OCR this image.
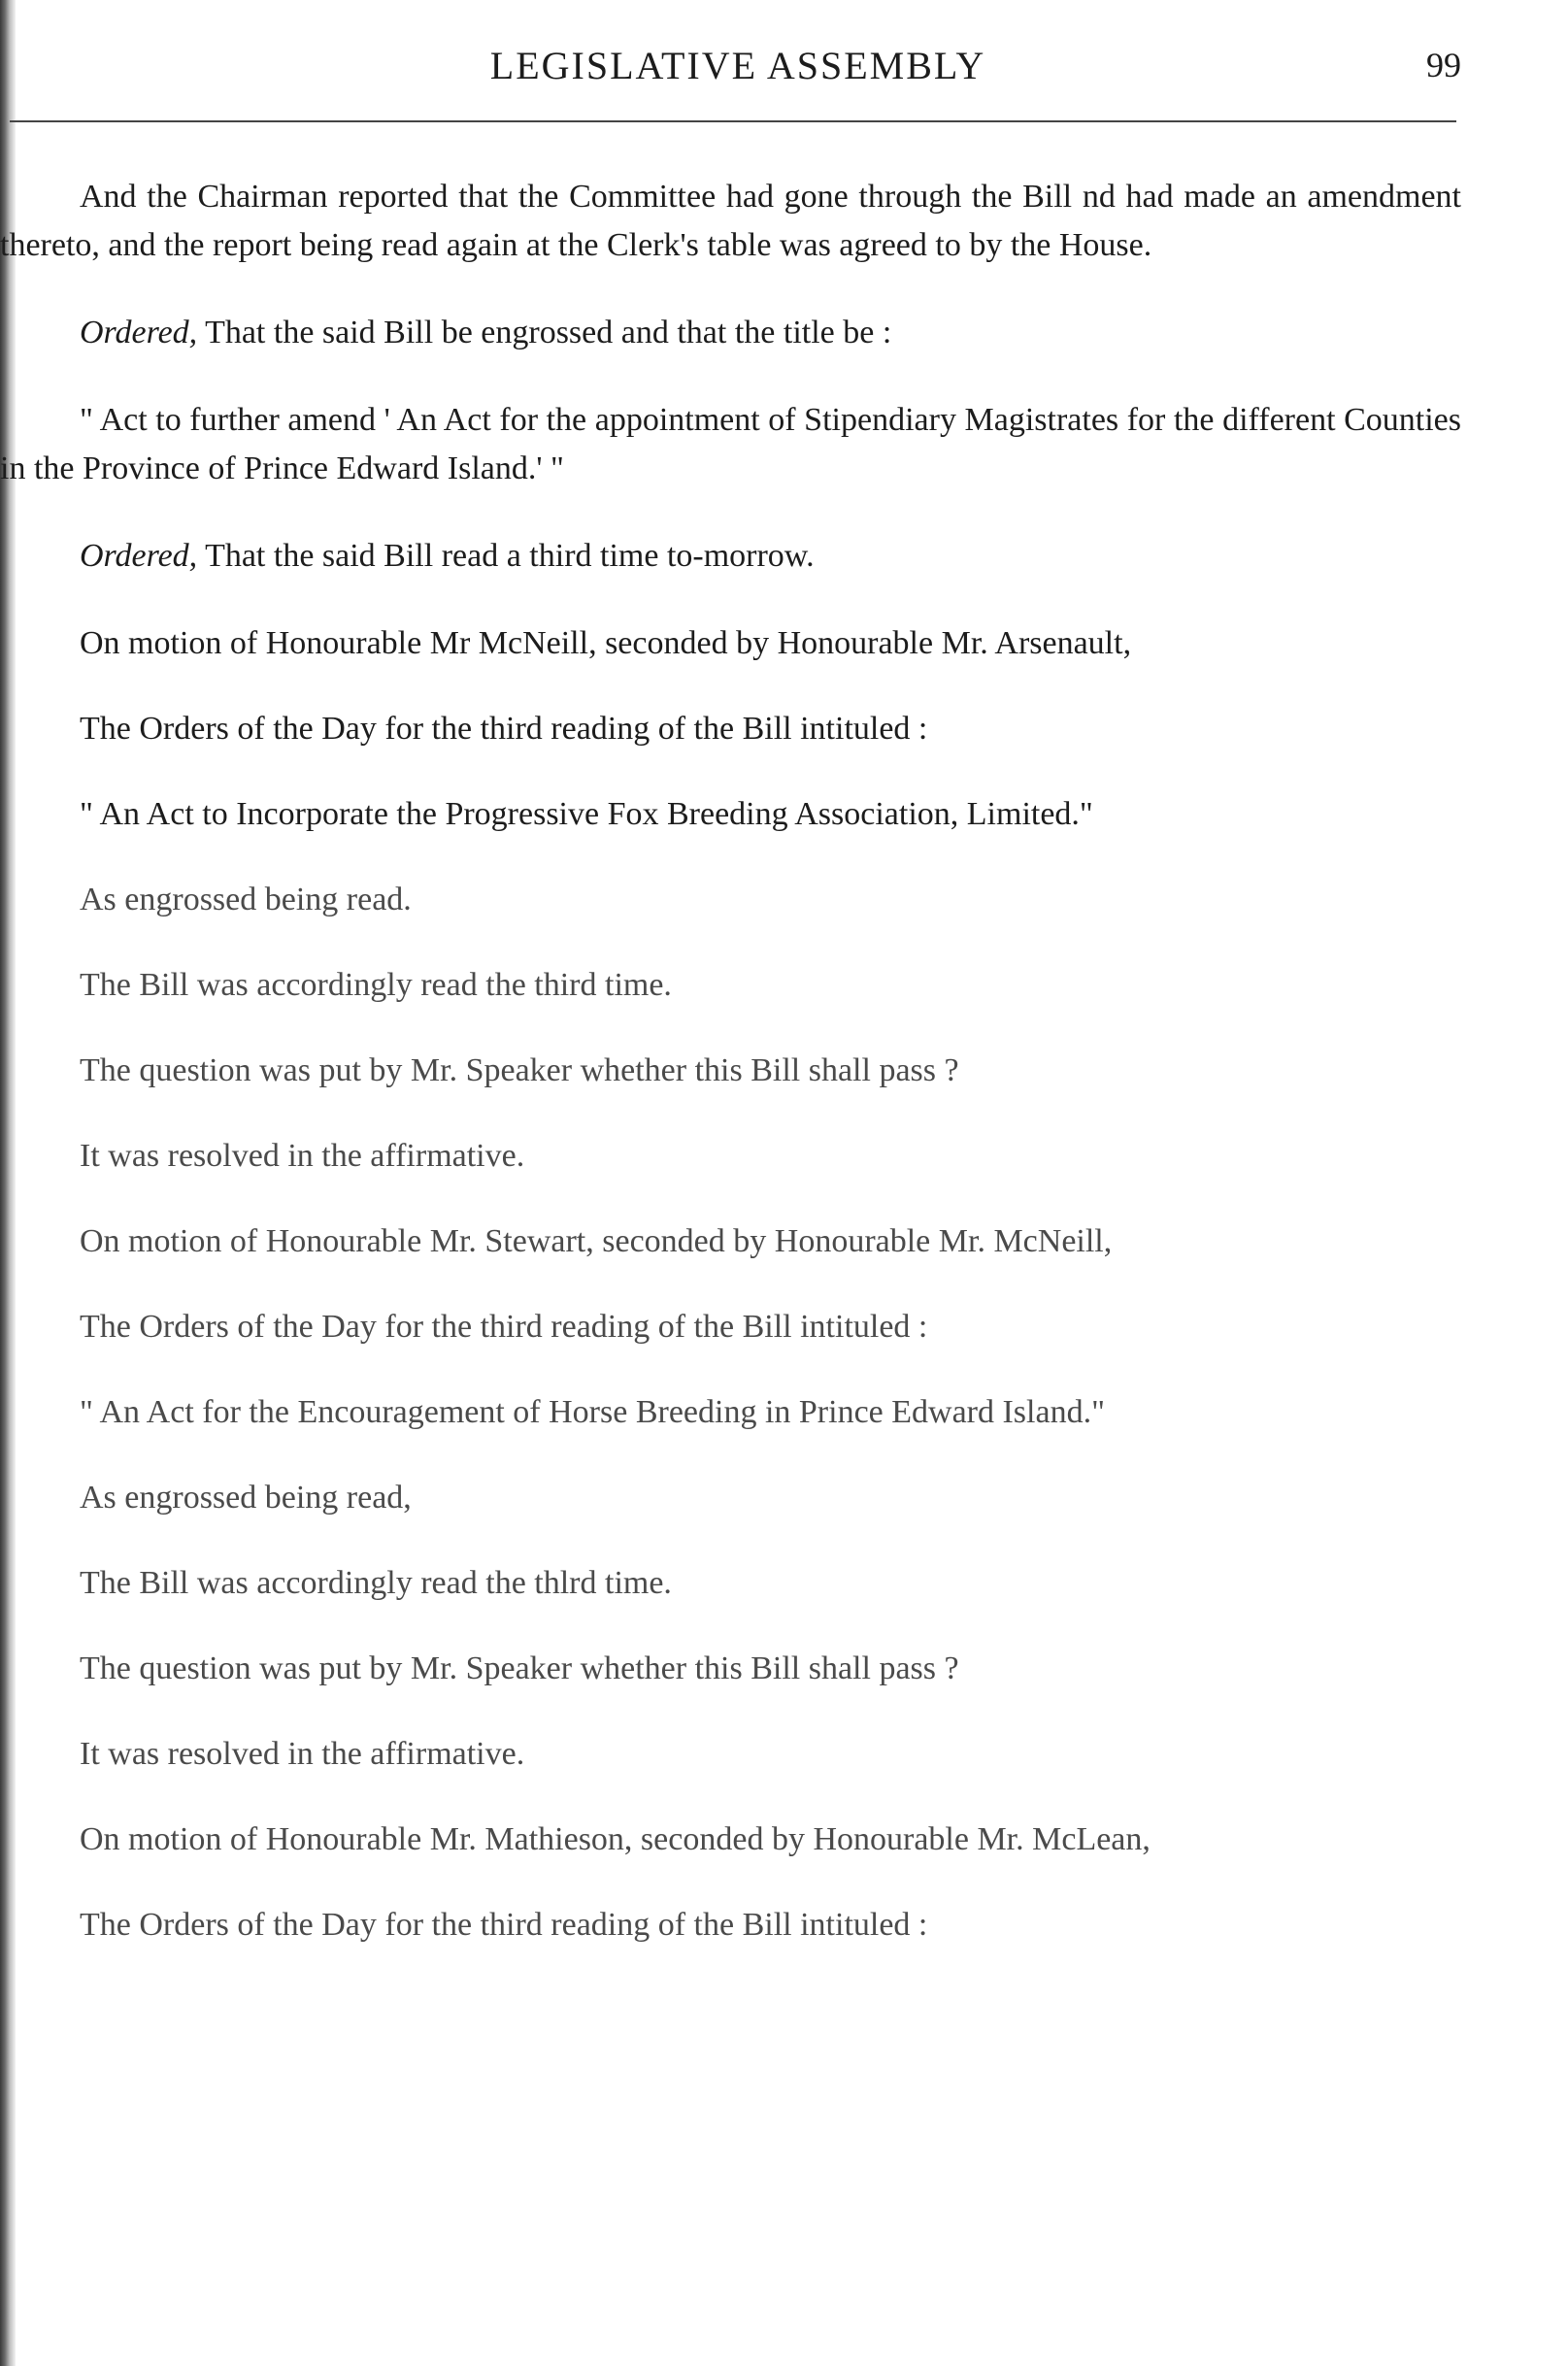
LEGISLATIVE ASSEMBLY	99

And the Chairman reported that the Committee had gone through the Bill nd had made an amendment thereto, and the report being read again at the Clerk's table was agreed to by the House.

Ordered, That the said Bill be engrossed and that the title be :

" Act to further amend ' An Act for the appointment of Stipendiary Magistrates for the different Counties in the Province of Prince Edward Island.' "

Ordered, That the said Bill read a third time to-morrow.

On motion of Honourable Mr McNeill, seconded by Honourable Mr. Arsenault,

The Orders of the Day for the third reading of the Bill intituled :

" An Act to Incorporate the Progressive Fox Breeding Association, Limited."

As engrossed being read.

The Bill was accordingly read the third time.

The question was put by Mr. Speaker whether this Bill shall pass ?

It was resolved in the affirmative.

On motion of Honourable Mr. Stewart, seconded by Honourable Mr. McNeill,

The Orders of the Day for the third reading of the Bill intituled :

" An Act for the Encouragement of Horse Breeding in Prince Edward Island."

As engrossed being read,

The Bill was accordingly read the thlrd time.

The question was put by Mr. Speaker whether this Bill shall pass ?

It was resolved in the affirmative.

On motion of Honourable Mr. Mathieson, seconded by Honourable Mr. McLean,

The Orders of the Day for the third reading of the Bill intituled :
